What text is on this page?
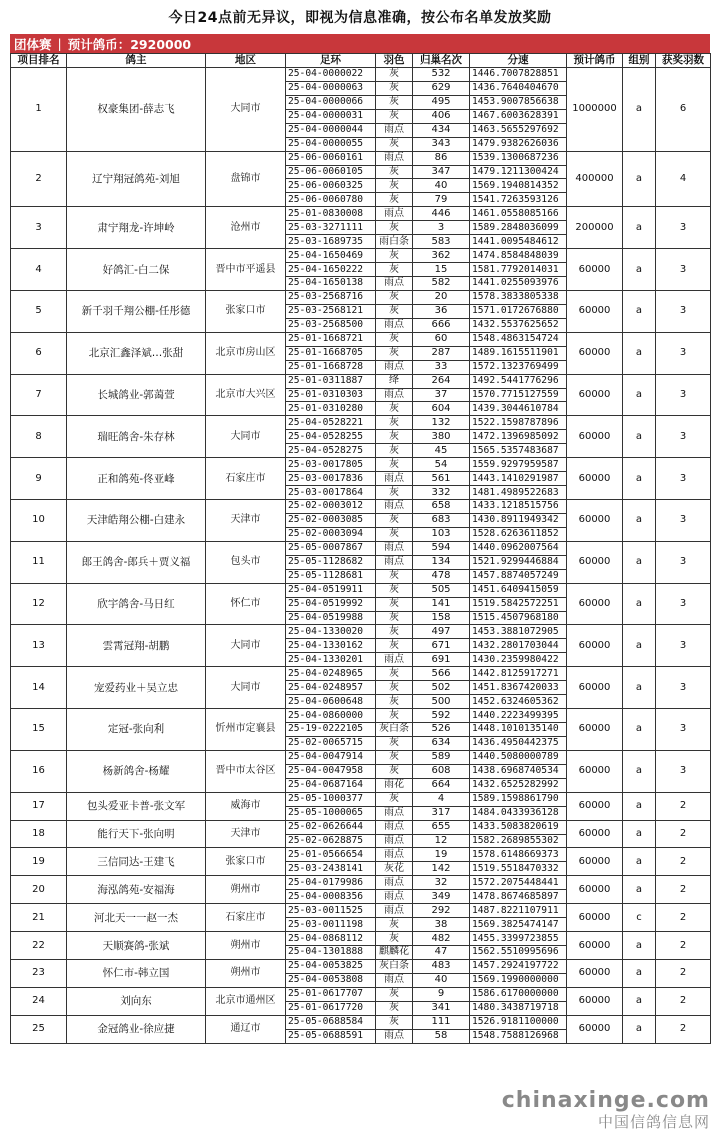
今日24点前无异议，即视为信息准确，按公布名单发放奖励
团体赛 | 预计鸽币：2920000
项目排名	鸽主	地区	足环	羽色	归巢名次	分速	预计鸽币	组别	获奖羽数
1	权豪集团-薛志飞	大同市	25-04-0000022	灰	532	1446.7007828851	1000000	a	6
			25-04-0000063	灰	629	1436.7640404670			
			25-04-0000066	灰	495	1453.9007856638			
			25-04-0000031	灰	406	1467.6003628391			
			25-04-0000044	雨点	434	1463.5655297692			
			25-04-0000055	灰	343	1479.9382626036			
2	辽宁翔冠鸽苑-刘旭	盘锦市	25-06-0060161	雨点	86	1539.1300687236	400000	a	4
			25-06-0060105	灰	347	1479.1211300424			
			25-06-0060325	灰	40	1569.1940814352			
			25-06-0060780	灰	79	1541.7263593126			
3	肃宁翔龙-许坤岭	沧州市	25-01-0830008	雨点	446	1461.0558085166	200000	a	3
			25-03-3271111	灰	3	1589.2848036099			
			25-03-1689735	雨白条	583	1441.0095484612			
4	好鸽汇-白二保	晋中市平遥县	25-04-1650469	灰	362	1474.8584848039	60000	a	3
			25-04-1650222	灰	15	1581.7792014031			
			25-04-1650138	雨点	582	1441.0255093976			
5	新千羽千翔公棚-任彤德	张家口市	25-03-2568716	灰	20	1578.3833805338	60000	a	3
			25-03-2568121	灰	36	1571.0172676880			
			25-03-2568500	雨点	666	1432.5537625652			
6	北京汇鑫泽斌…张甜	北京市房山区	25-01-1668721	灰	60	1548.4863154724	60000	a	3
			25-01-1668705	灰	287	1489.1615511901			
			25-01-1668728	雨点	33	1572.1323769499			
7	长城鸽业-郭蔼萱	北京市大兴区	25-01-0311887	绛	264	1492.5441776296	60000	a	3
			25-01-0310303	雨点	37	1570.7715127559			
			25-01-0310280	灰	604	1439.3044610784			
8	瑞旺鸽舍-朱存林	大同市	25-04-0528221	灰	132	1522.1598787896	60000	a	3
			25-04-0528255	灰	380	1472.1396985092			
			25-04-0528275	灰	45	1565.5357483687			
9	正和鸽苑-佟亚峰	石家庄市	25-03-0017805	灰	54	1559.9297959587	60000	a	3
			25-03-0017836	雨点	561	1443.1410291987			
			25-03-0017864	灰	332	1481.4989522683			
10	天津皓翔公棚-白建永	天津市	25-02-0003012	雨点	658	1433.1218515756	60000	a	3
			25-02-0003085	灰	683	1430.8911949342			
			25-02-0003094	灰	103	1528.6263611852			
11	郎王鸽舍-郎兵＋贾义福	包头市	25-05-0007867	雨点	594	1440.0962007564	60000	a	3
			25-05-1128682	雨点	134	1521.9299446884			
			25-05-1128681	灰	478	1457.8874057249			
12	欣宇鸽舍-马日红	怀仁市	25-04-0519911	灰	505	1451.6409415059	60000	a	3
			25-04-0519992	灰	141	1519.5842572251			
			25-04-0519988	灰	158	1515.4507968180			
13	雲霄冠翔-胡鹏	大同市	25-04-1330020	灰	497	1453.3881072905	60000	a	3
			25-04-1330162	灰	671	1432.2801703044			
			25-04-1330201	雨点	691	1430.2359980422			
14	宠爱药业＋吴立忠	大同市	25-04-0248965	灰	566	1442.8125917271	60000	a	3
			25-04-0248957	灰	502	1451.8367420033			
			25-04-0600648	灰	500	1452.6324605362			
15	定冠-张向利	忻州市定襄县	25-04-0860000	灰	592	1440.2223499395	60000	a	3
			25-19-0222105	灰白条	526	1448.1010135140			
			25-02-0065715	灰	634	1436.4950442375			
16	杨新鸽舍-杨耀	晋中市太谷区	25-04-0047914	灰	589	1440.5080000789	60000	a	3
			25-04-0047958	灰	608	1438.6968740534			
			25-04-0687164	雨花	664	1432.6525282992			
17	包头爱亚卡普-张文军	威海市	25-05-1000377	灰	4	1589.1598861790	60000	a	2
			25-05-1000065	雨点	317	1484.0433936128			
18	能行天下-张向明	天津市	25-02-0626644	雨点	655	1433.5083820619	60000	a	2
			25-02-0628875	雨点	12	1582.2689855302			
19	三信同达-王建飞	张家口市	25-01-0566654	雨点	19	1578.6148669373	60000	a	2
			25-03-2438141	灰花	142	1519.5518470332			
20	海泓鸽苑-安福海	朔州市	25-04-0179986	雨点	32	1572.2075448441	60000	a	2
			25-04-0008356	雨点	349	1478.8674685897			
21	河北天一一赵一杰	石家庄市	25-03-0011525	雨点	292	1487.8221107911	60000	c	2
			25-03-0011198	灰	38	1569.3825474147			
22	天顺赛鸽-张斌	朔州市	25-04-0868112	灰	482	1455.3399723855	60000	a	2
			25-04-1301888	麒麟花	47	1562.5510995696			
23	怀仁市-韩立国	朔州市	25-04-0053825	灰白条	483	1457.2924197722	60000	a	2
			25-04-0053808	雨点	40	1569.1990000000			
24	刘向东	北京市通州区	25-01-0617707	灰	9	1586.6170000000	60000	a	2
			25-01-0617720	灰	341	1480.3438719718			
25	金冠鸽业-徐应捷	通辽市	25-05-0688584	灰	111	1526.9181100000	60000	a	2
			25-05-0688591	雨点	58	1548.7588126968			
chinaxinge.com
中国信鸽信息网
